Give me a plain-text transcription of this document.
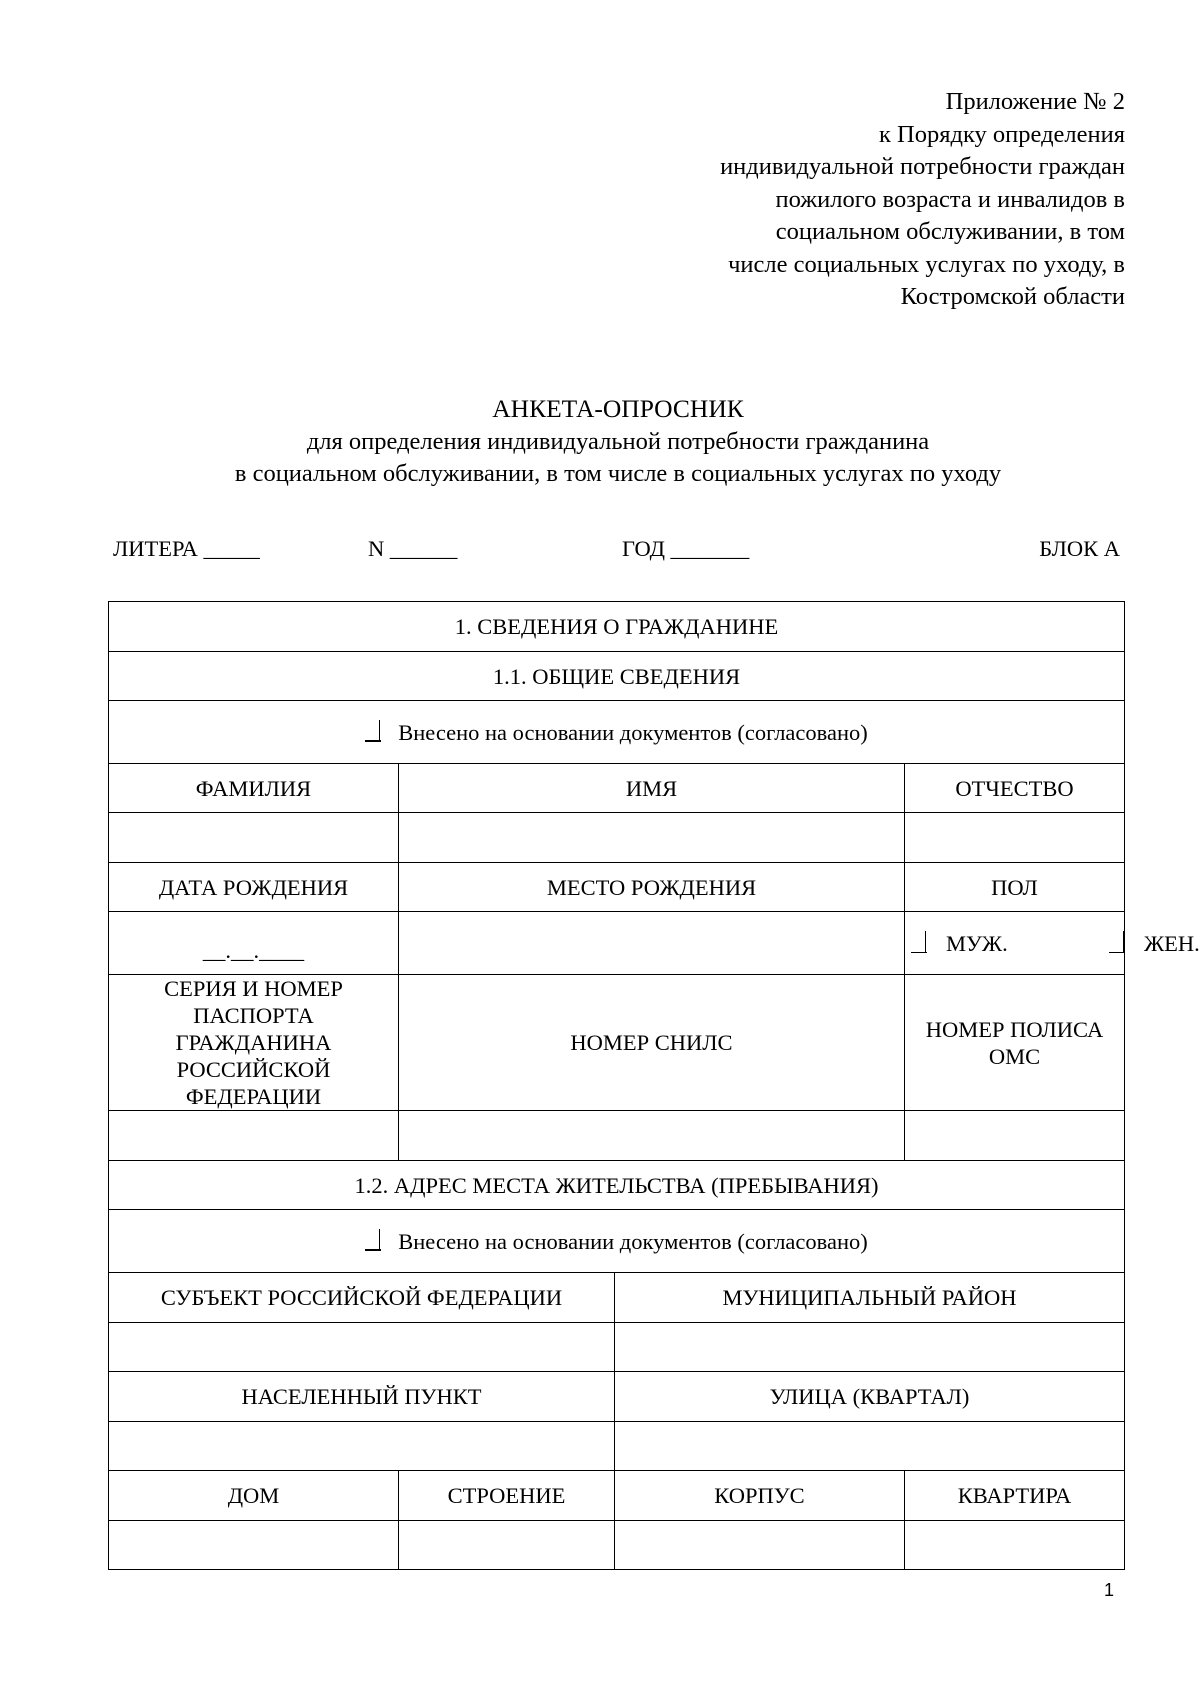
Приложение № 2
к Порядку определения
индивидуальной потребности граждан
пожилого возраста и инвалидов в
социальном обслуживании, в том
числе социальных услугах по уходу, в
Костромской области
АНКЕТА-ОПРОСНИК
для определения индивидуальной потребности гражданина
в социальном обслуживании, в том числе в социальных услугах по уходу
ЛИТЕРА _____	N ______	ГОД _______	БЛОК А
1. СВЕДЕНИЯ О ГРАЖДАНИНЕ			
1.1. ОБЩИЕ СВЕДЕНИЯ			
Внесено на основании документов (согласовано)			
ФАМИЛИЯ	ИМЯ		ОТЧЕСТВО

ДАТА РОЖДЕНИЯ	МЕСТО РОЖДЕНИЯ		ПОЛ
__.__.____			МУЖ. ЖЕН.

СЕРИЯ И НОМЕР
ПАСПОРТА ГРАЖДАНИНА
РОССИЙСКОЙ ФЕДЕРАЦИИ	НОМЕР СНИЛС		НОМЕР ПОЛИСА ОМС

1.2. АДРЕС МЕСТА ЖИТЕЛЬСТВА (ПРЕБЫВАНИЯ)			
Внесено на основании документов (согласовано)			
СУБЪЕКТ РОССИЙСКОЙ ФЕДЕРАЦИИ		МУНИЦИПАЛЬНЫЙ РАЙОН	

НАСЕЛЕННЫЙ ПУНКТ		УЛИЦА (КВАРТАЛ)	

ДОМ	СТРОЕНИЕ	КОРПУС	КВАРТИРА

1
